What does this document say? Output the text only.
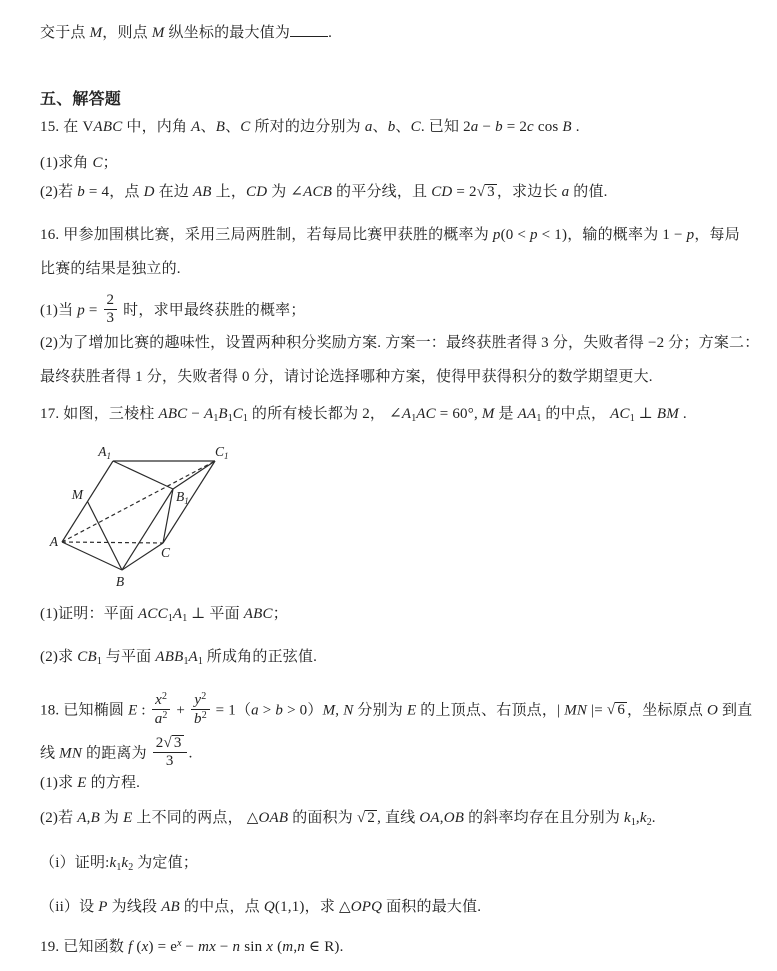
交于点 M，则点 M 纵坐标的最大值为	.

五、解答题

15. 在 VABC 中，内角 A、B、C 所对的边分别为 a、b、C. 已知 2a − b = 2c cos B .

(1)求角 C；

(2)若 b = 4，点 D 在边 AB 上，CD 为 ∠ACB 的平分线，且 CD = 2√ 3 ，求边长 a 的值.

16. 甲参加围棋比赛，采用三局两胜制，若每局比赛甲获胜的概率为 p(0 < p < 1)，输的概率为 1 − p，每局

比赛的结果是独立的.

(1)当 $p = \frac{2}{3}$ 时，求甲最终获胜的概率；

(2)为了增加比赛的趣味性，设置两种积分奖励方案. 方案一：最终获胜者得 3 分，失败者得 −2 分；方案二：

最终获胜者得 1 分，失败者得 0 分，请讨论选择哪种方案，使得甲获得积分的数学期望更大.

17. 如图，三棱柱 ABC − $A_1B_1C_1$ 的所有棱长都为 2， $\angle A_1AC = 60^\circ$, M 是 $AA_1$ 的中点， $AC_1$ ⊥ BM .

$A_1$	$C_1$
M	$B_1$
A
C
B

(1)证明：平面 $ACC_1A_1$ ⊥ 平面 ABC；

(2)求 $CB_1$ 与平面 $ABB_1A_1$ 所成角的正弦值.

18. 已知椭圆 E : $\frac{x^2}{a^2} + \frac{y^2}{b^2} = 1(a > b > 0)M$, N 分别为 E 的上顶点、右顶点，| MN |= √ 6 ，坐标原点 O 到直

线 MN 的距离为 $\frac{2√ 3}{3}$ .

(1)求 E 的方程.

(2)若 A,B 为 E 上不同的两点， △OAB 的面积为 √ 2 , 直线 OA,OB 的斜率均存在且分别为 $k_1,k_2$.

（i）证明$:k_1k_2$ 为定值；

（ii）设 P 为线段 AB 的中点，点 Q(1,1)，求 △OPQ 面积的最大值.

19. 已知函数 f $(x) = e^x$ − mx − n sin x (m,n ∈ R).
